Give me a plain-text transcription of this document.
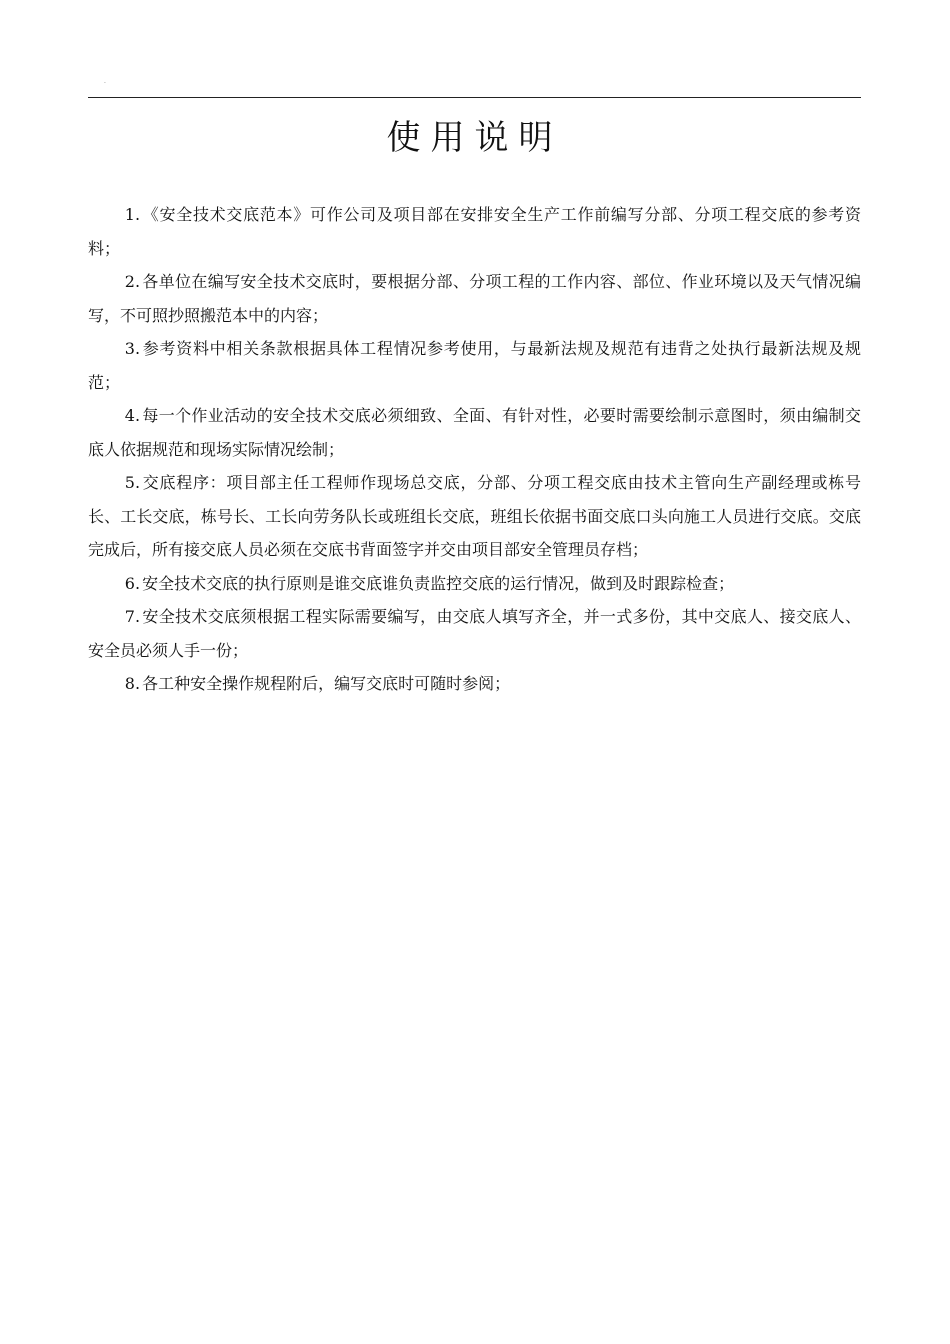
·
使用说明
1. 《安全技术交底范本》可作公司及项目部在安排安全生产工作前编写分部、分项工程交底的参考资料；
2. 各单位在编写安全技术交底时，要根据分部、分项工程的工作内容、部位、作业环境以及天气情况编写，不可照抄照搬范本中的内容；
3. 参考资料中相关条款根据具体工程情况参考使用，与最新法规及规范有违背之处执行最新法规及规范；
4. 每一个作业活动的安全技术交底必须细致、全面、有针对性，必要时需要绘制示意图时，须由编制交底人依据规范和现场实际情况绘制；
5. 交底程序：项目部主任工程师作现场总交底，分部、分项工程交底由技术主管向生产副经理或栋号长、工长交底，栋号长、工长向劳务队长或班组长交底，班组长依据书面交底口头向施工人员进行交底。交底完成后，所有接交底人员必须在交底书背面签字并交由项目部安全管理员存档；
6. 安全技术交底的执行原则是谁交底谁负责监控交底的运行情况，做到及时跟踪检查；
7. 安全技术交底须根据工程实际需要编写，由交底人填写齐全，并一式多份，其中交底人、接交底人、安全员必须人手一份；
8. 各工种安全操作规程附后，编写交底时可随时参阅；
